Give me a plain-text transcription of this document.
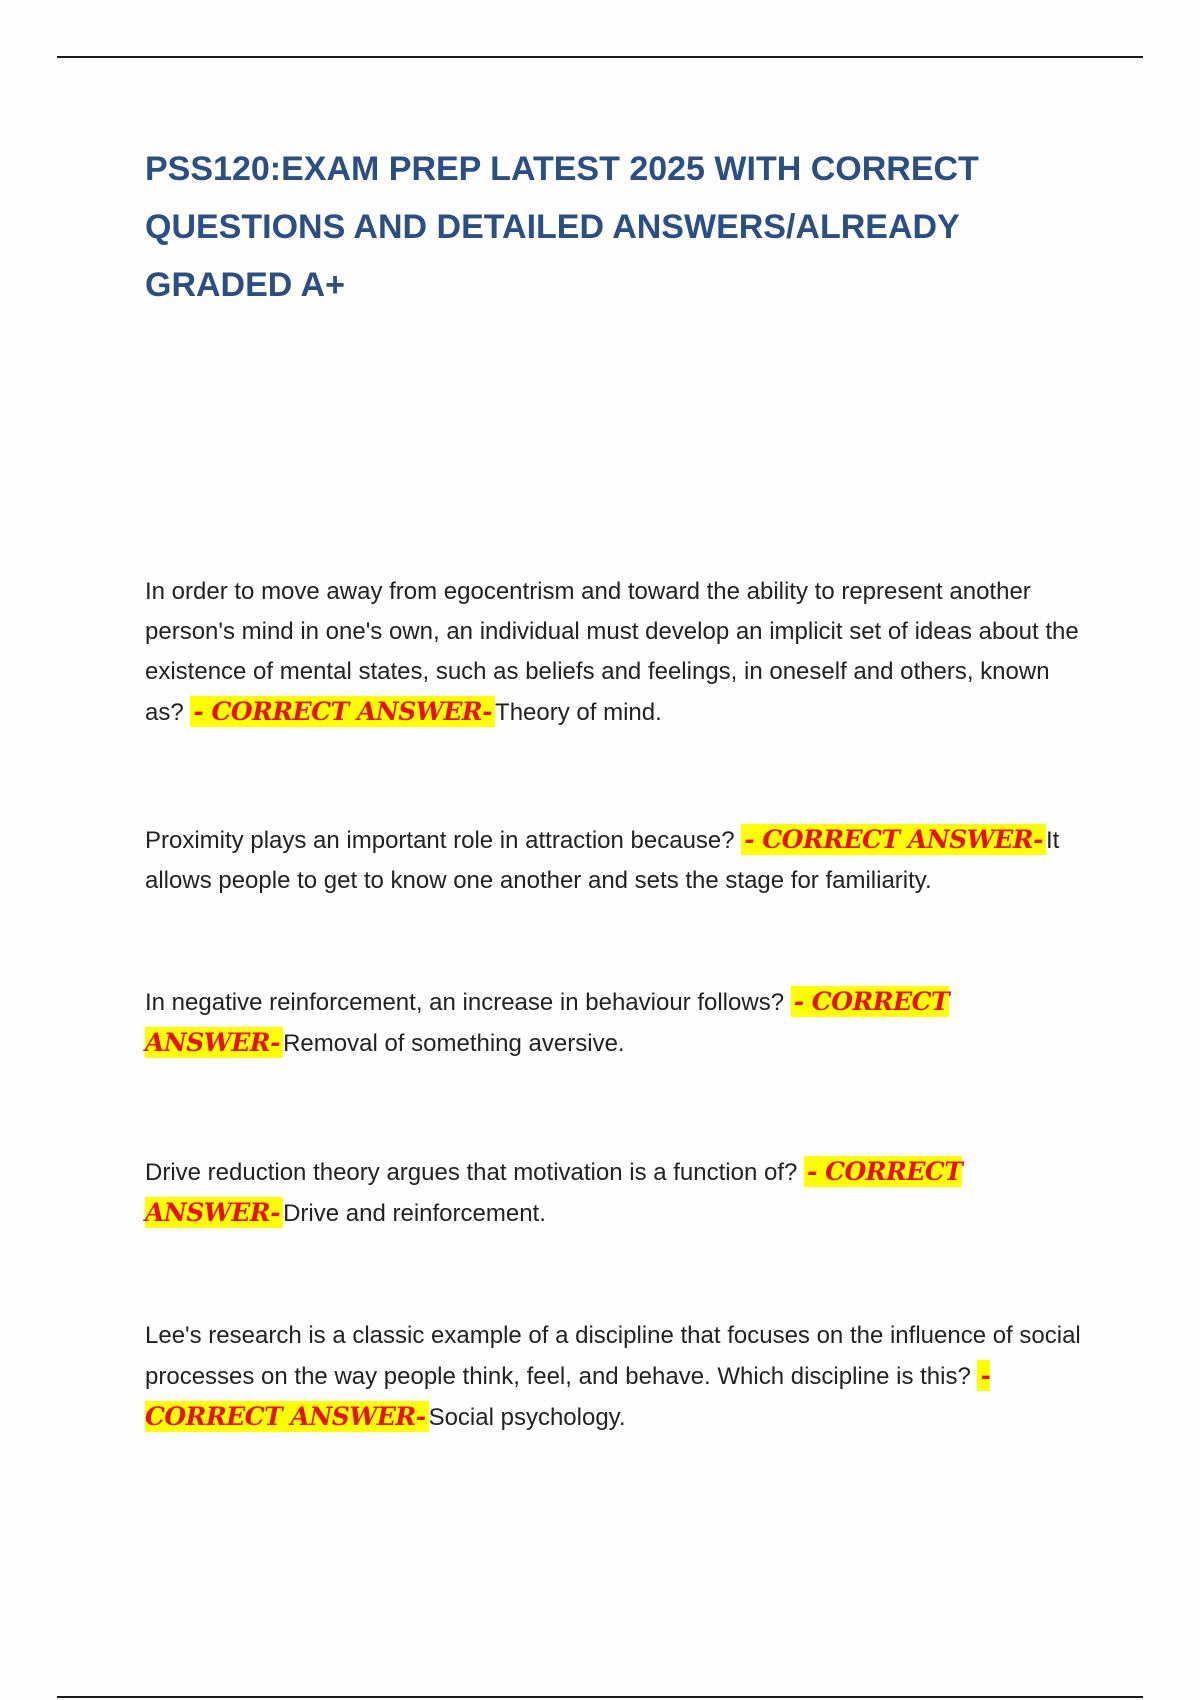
PSS120:EXAM PREP LATEST 2025 WITH CORRECT QUESTIONS AND DETAILED ANSWERS/ALREADY GRADED A+

In order to move away from egocentrism and toward the ability to represent another person's mind in one's own, an individual must develop an implicit set of ideas about the existence of mental states, such as beliefs and feelings, in oneself and others, known as? - CORRECT ANSWER- Theory of mind.

Proximity plays an important role in attraction because? - CORRECT ANSWER- It allows people to get to know one another and sets the stage for familiarity.

In negative reinforcement, an increase in behaviour follows? - CORRECT ANSWER- Removal of something aversive.

Drive reduction theory argues that motivation is a function of? - CORRECT ANSWER- Drive and reinforcement.

Lee's research is a classic example of a discipline that focuses on the influence of social processes on the way people think, feel, and behave. Which discipline is this? - CORRECT ANSWER- Social psychology.
